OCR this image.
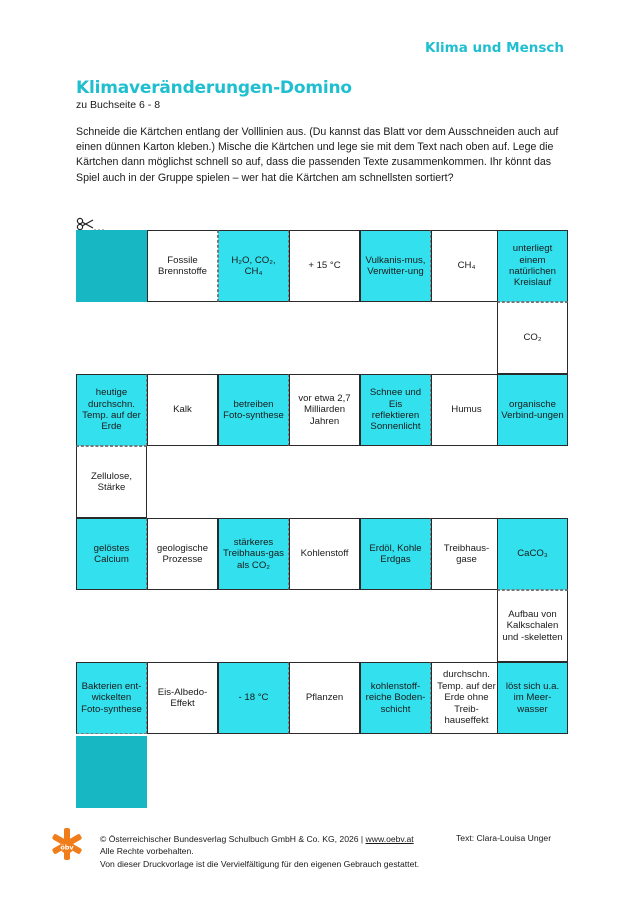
Klima und Mensch
Klimaveränderungen-Domino
zu Buchseite 6 - 8
Schneide die Kärtchen entlang der Volllinien aus. (Du kannst das Blatt vor dem Ausschneiden auch auf einen dünnen Karton kleben.) Mische die Kärtchen und lege sie mit dem Text nach oben auf. Lege die Kärtchen dann möglichst schnell so auf, dass die passenden Texte zusammenkommen. Ihr könnt das Spiel auch in der Gruppe spielen – wer hat die Kärtchen am schnellsten sortiert?
Fossile Brennstoffe
H₂O, CO₂, CH₄
+ 15 °C
Vulkanis-mus, Verwitter-ung
CH₄
unterliegt einem natürlichen Kreislauf
CO₂
heutige durchschn. Temp. auf der Erde
Kalk
betreiben Foto-synthese
vor etwa 2,7 Milliarden Jahren
Schnee und Eis reflektieren Sonnenlicht
Humus
organische Verbind-ungen
Zellulose, Stärke
gelöstes Calcium
geologische Prozesse
stärkeres Treibhaus-gas als CO₂
Kohlenstoff
Erdöl, Kohle Erdgas
Treibhaus-gase
CaCO₃
Aufbau von Kalkschalen und -skeletten
Bakterien ent-wickelten Foto-synthese
Eis-Albedo-Effekt
- 18 °C	Pflanzen
kohlenstoff-reiche Boden-schicht
durchschn. Temp. auf der Erde ohne Treib-hauseffekt
löst sich u.a. im Meer-wasser
öbv
© Österreichischer Bundesverlag Schulbuch GmbH & Co. KG, 2026 | www.oebv.at
Alle Rechte vorbehalten.
Von dieser Druckvorlage ist die Vervielfältigung für den eigenen Gebrauch gestattet.
Text: Clara-Louisa Unger
